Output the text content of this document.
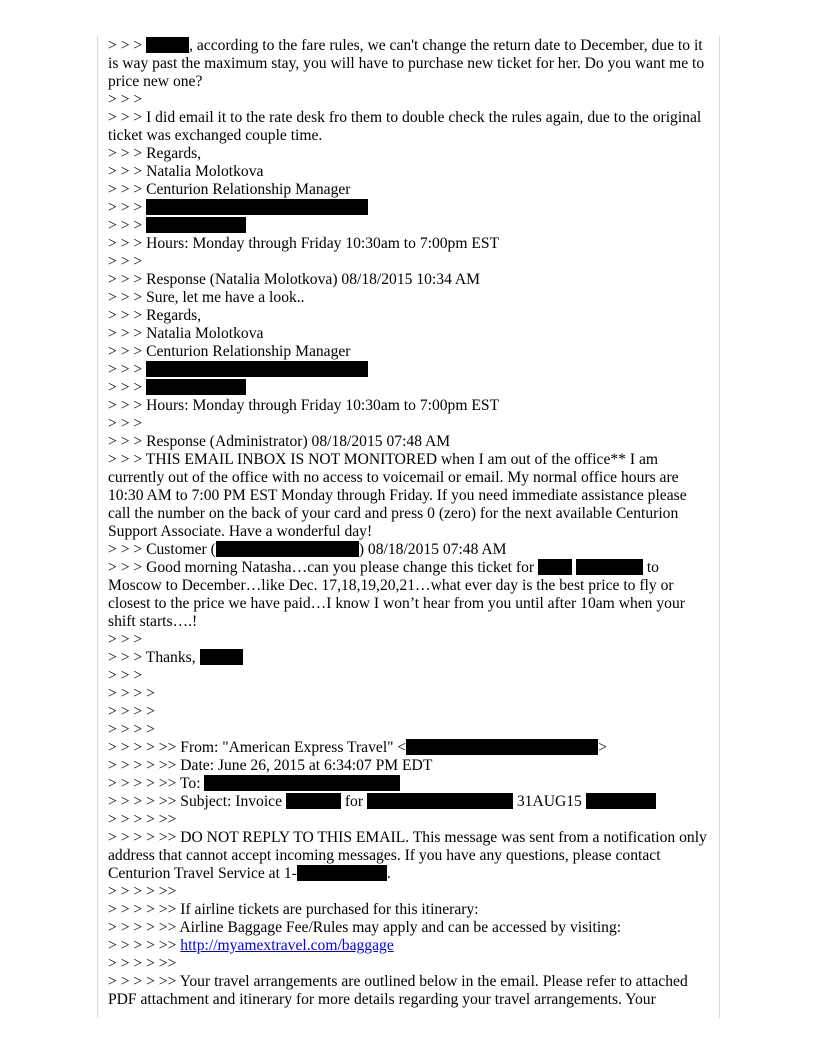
> > >	, according to the fare rules, we can't change the return date to December, due to it is way past the maximum stay, you will have to purchase new ticket for her. Do you want me to price new one?
> > >
> > > I did email it to the rate desk fro them to double check the rules again, due to the original ticket was exchanged couple time.
> > > Regards,
> > > Natalia Molotkova
> > > Centurion Relationship Manager
> > >
> > >
> > > Hours: Monday through Friday 10:30am to 7:00pm EST
> > >
> > > Response (Natalia Molotkova) 08/18/2015 10:34 AM
> > > Sure, let me have a look..
> > > Regards,
> > > Natalia Molotkova
> > > Centurion Relationship Manager
> > >
> > >
> > > Hours: Monday through Friday 10:30am to 7:00pm EST
> > >
> > > Response (Administrator) 08/18/2015 07:48 AM
> > > THIS EMAIL INBOX IS NOT MONITORED when I am out of the office** I am currently out of the office with no access to voicemail or email. My normal office hours are 10:30 AM to 7:00 PM EST Monday through Friday. If you need immediate assistance please call the number on the back of your card and press 0 (zero) for the next available Centurion Support Associate. Have a wonderful day!
> > > Customer (	) 08/18/2015 07:48 AM
> > > Good morning Natasha…can you please change this ticket for	to Moscow to December…like Dec. 17,18,19,20,21…what ever day is the best price to fly or closest to the price we have paid…I know I won’t hear from you until after 10am when your shift starts….!
> > >
> > > Thanks,
> > >
> > > >
> > > >
> > > >
> > > > >> From: "American Express Travel" <	>
> > > > >> Date: June 26, 2015 at 6:34:07 PM EDT
> > > > >> To:
> > > > >> Subject: Invoice	for	31AUG15
> > > > >>
> > > > >> DO NOT REPLY TO THIS EMAIL. This message was sent from a notification only address that cannot accept incoming messages. If you have any questions, please contact Centurion Travel Service at 1-	.
> > > > >>
> > > > >> If airline tickets are purchased for this itinerary:
> > > > >> Airline Baggage Fee/Rules may apply and can be accessed by visiting:
> > > > >> http://myamextravel.com/baggage
> > > > >>
> > > > >> Your travel arrangements are outlined below in the email. Please refer to attached PDF attachment and itinerary for more details regarding your travel arrangements. Your
